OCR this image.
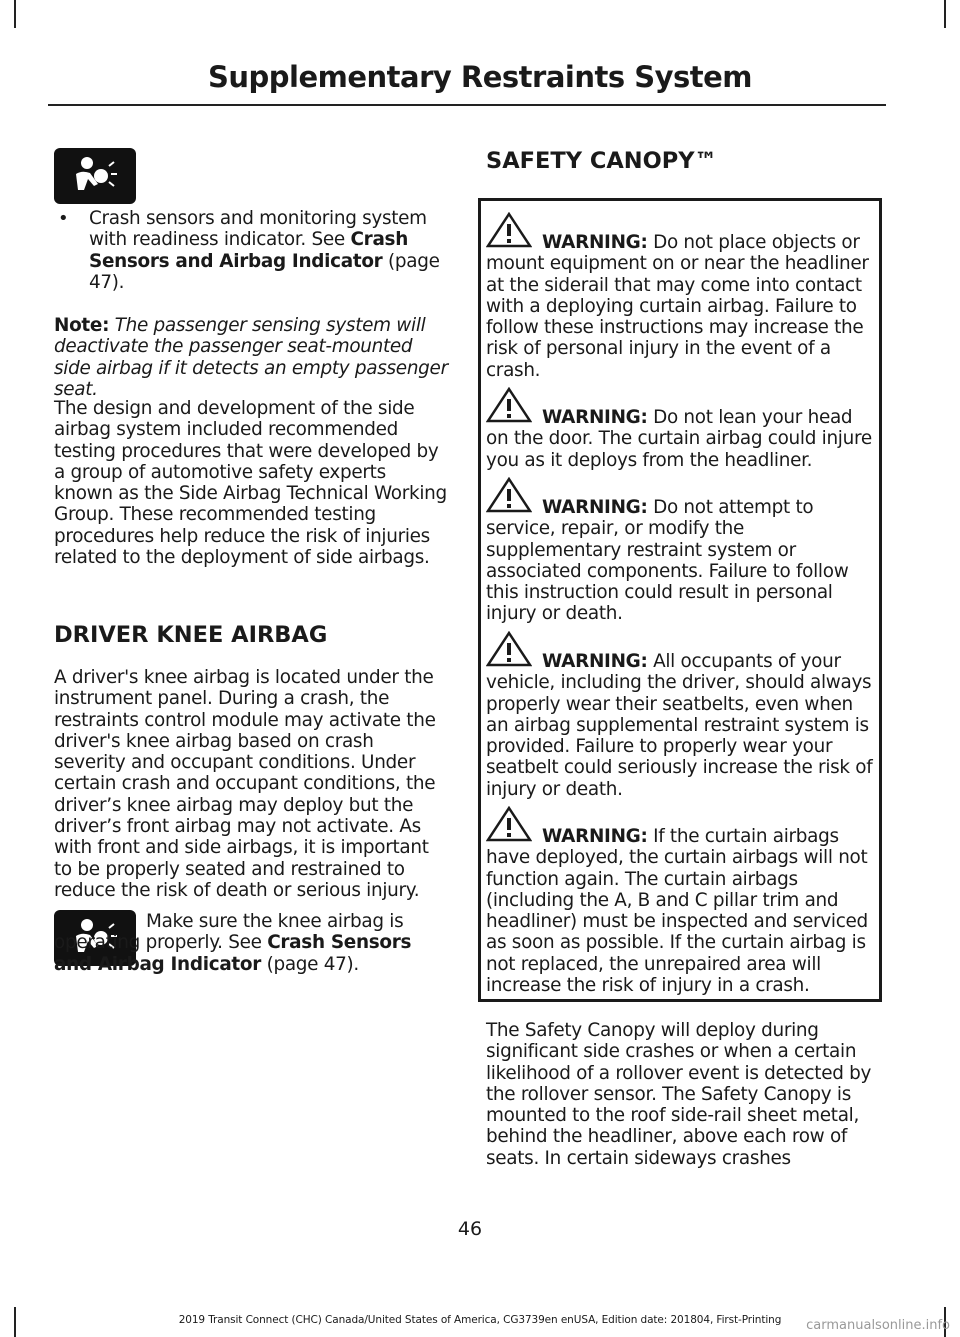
Supplementary Restraints System
• Crash sensors and monitoring system with readiness indicator. See Crash Sensors and Airbag Indicator (page 47).

Note: The passenger sensing system will deactivate the passenger seat-mounted side airbag if it detects an empty passenger seat.

The design and development of the side airbag system included recommended testing procedures that were developed by a group of automotive safety experts known as the Side Airbag Technical Working Group. These recommended testing procedures help reduce the risk of injuries related to the deployment of side airbags.

DRIVER KNEE AIRBAG

A driver's knee airbag is located under the instrument panel. During a crash, the restraints control module may activate the driver's knee airbag based on crash severity and occupant conditions. Under certain crash and occupant conditions, the driver’s knee airbag may deploy but the driver’s front airbag may not activate. As with front and side airbags, it is important to be properly seated and restrained to reduce the risk of death or serious injury.

Make sure the knee airbag is operating properly. See Crash Sensors and Airbag Indicator (page 47).

SAFETY CANOPY™

WARNING: Do not place objects or mount equipment on or near the headliner at the siderail that may come into contact with a deploying curtain airbag. Failure to follow these instructions may increase the risk of personal injury in the event of a crash.

WARNING: Do not lean your head on the door. The curtain airbag could injure you as it deploys from the headliner.

WARNING: Do not attempt to service, repair, or modify the supplementary restraint system or associated components. Failure to follow this instruction could result in personal injury or death.

WARNING: All occupants of your vehicle, including the driver, should always properly wear their seatbelts, even when an airbag supplemental restraint system is provided. Failure to properly wear your seatbelt could seriously increase the risk of injury or death.

WARNING: If the curtain airbags have deployed, the curtain airbags will not function again. The curtain airbags (including the A, B and C pillar trim and headliner) must be inspected and serviced as soon as possible. If the curtain airbag is not replaced, the unrepaired area will increase the risk of injury in a crash.

The Safety Canopy will deploy during significant side crashes or when a certain likelihood of a rollover event is detected by the rollover sensor. The Safety Canopy is mounted to the roof side-rail sheet metal, behind the headliner, above each row of seats. In certain sideways crashes

46
2019 Transit Connect (CHC) Canada/United States of America, CG3739en enUSA, Edition date: 201804, First-Printing	carmanualsonline.info
